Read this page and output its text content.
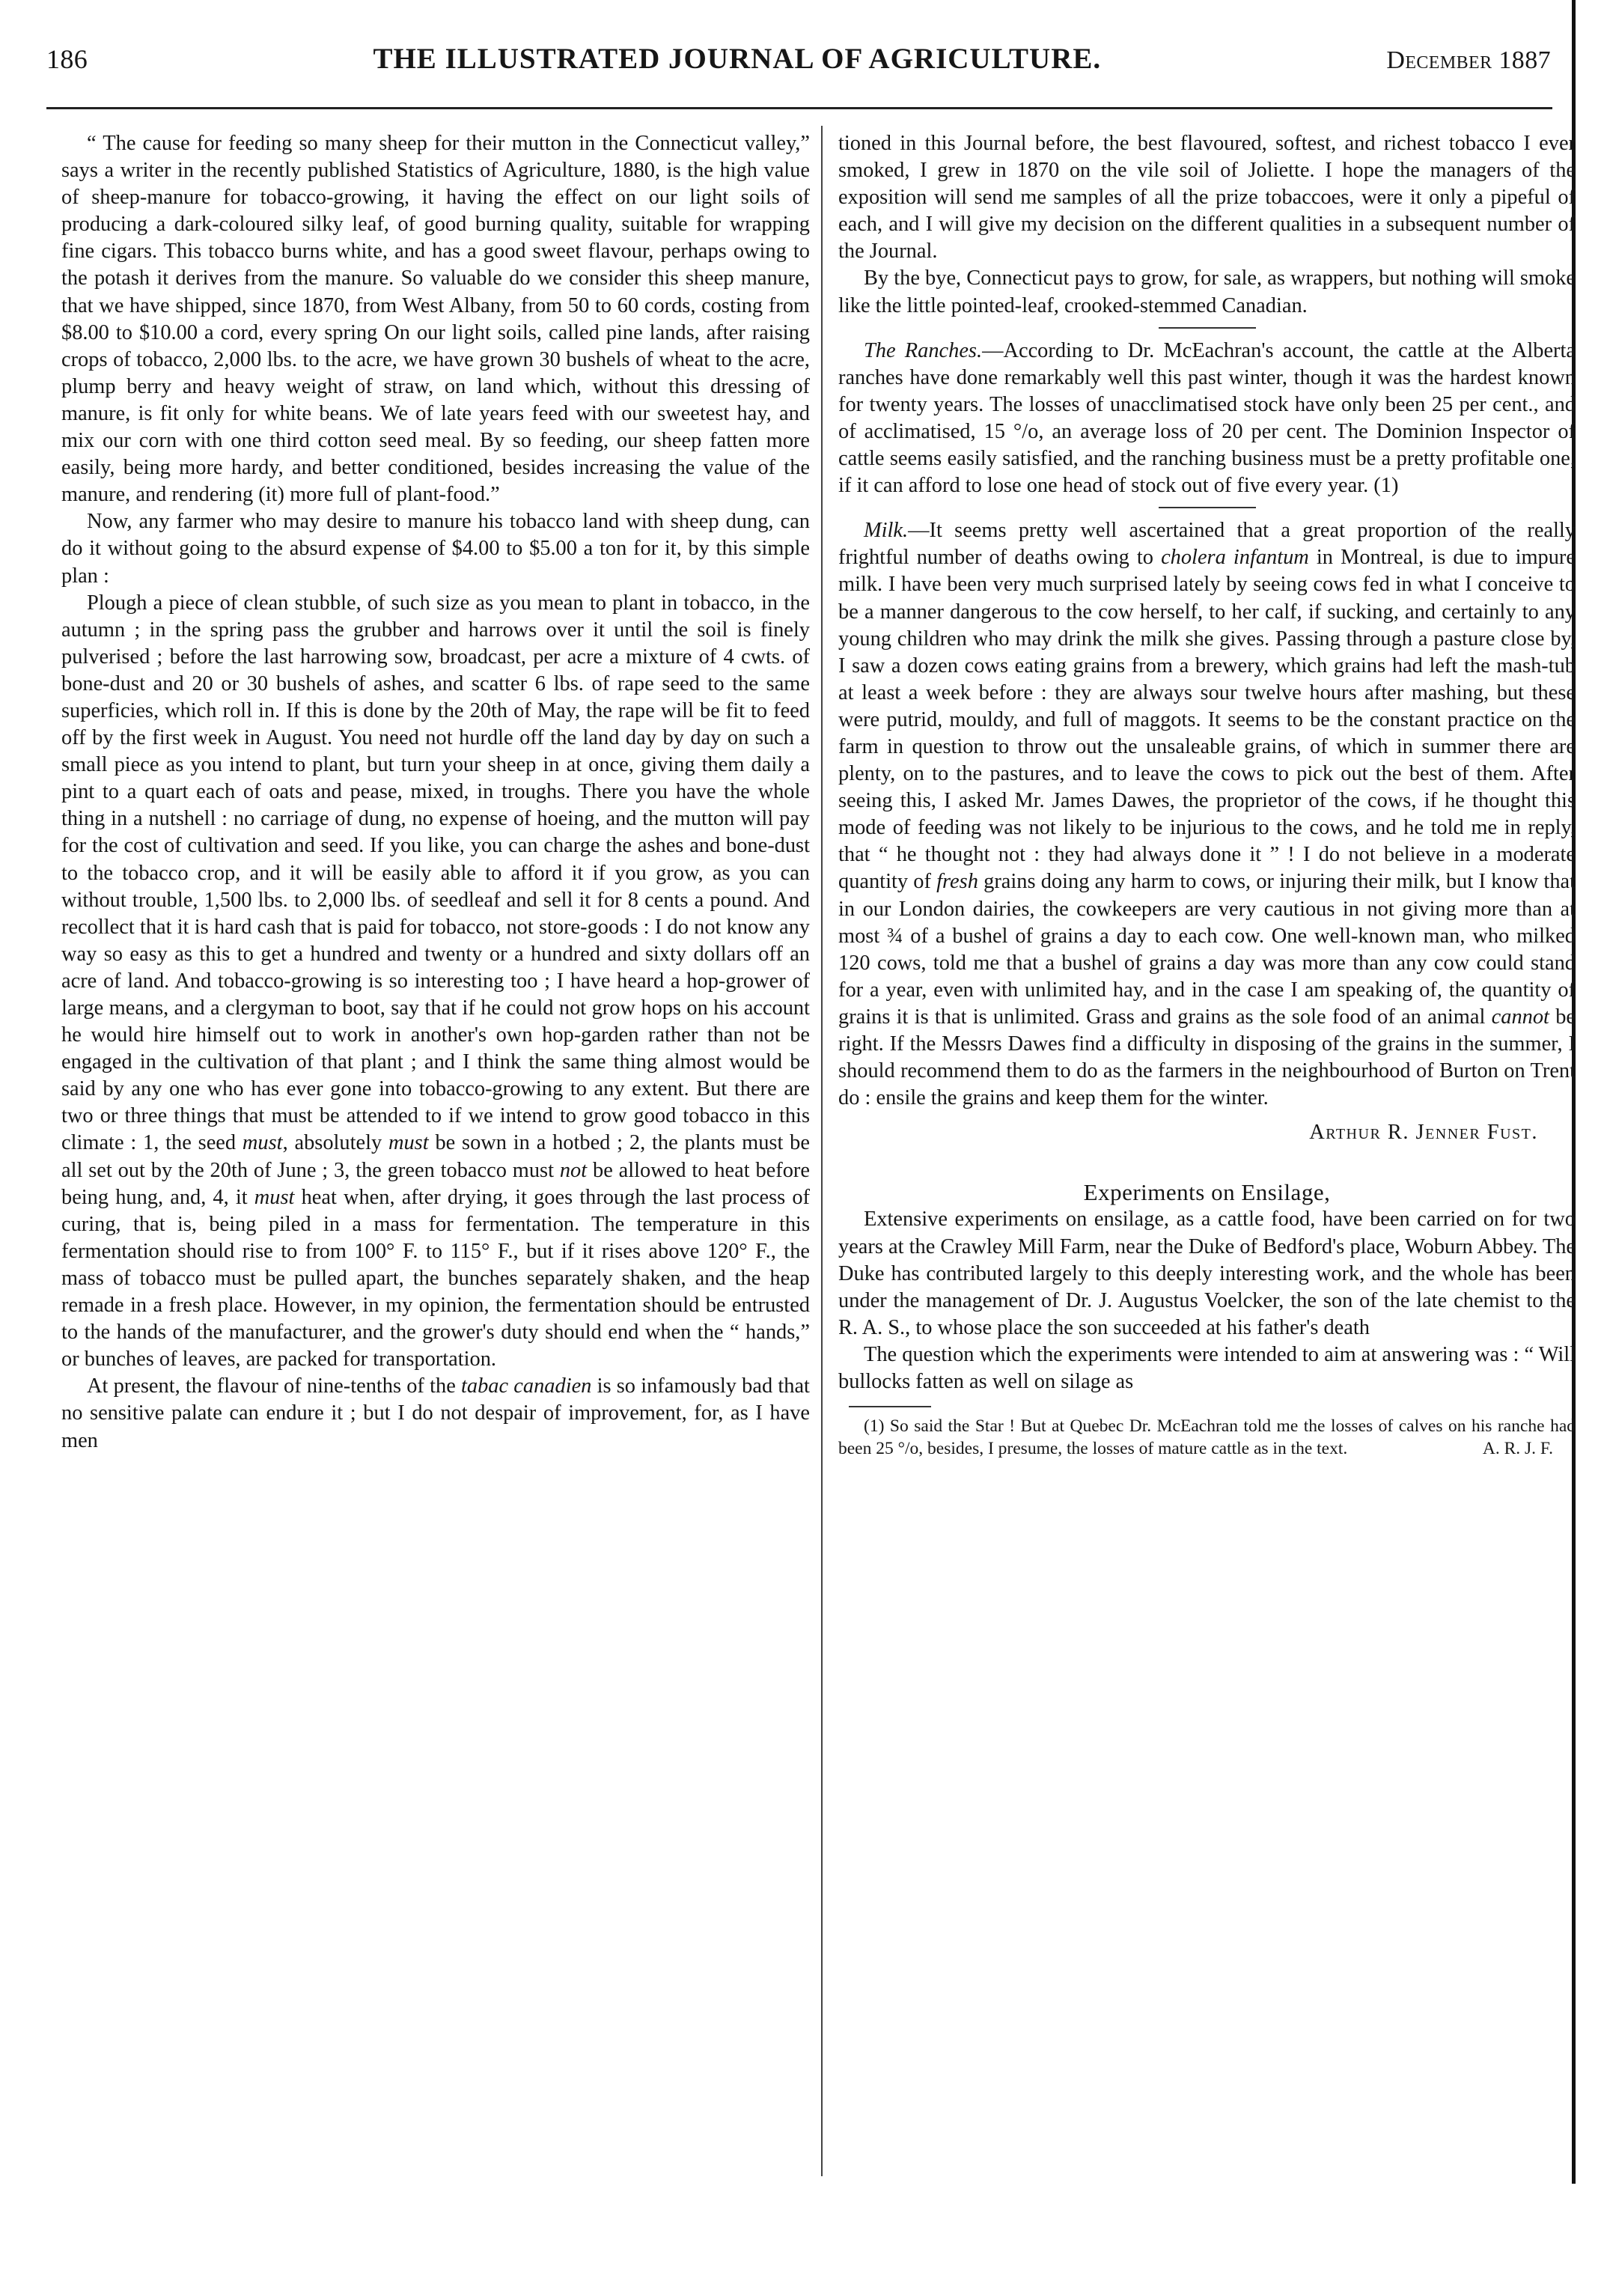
186	THE ILLUSTRATED JOURNAL OF AGRICULTURE.	December 1887

“ The cause for feeding so many sheep for their mutton in the Connecticut valley,” says a writer in the recently published Statistics of Agriculture, 1880, is the high value of sheep-manure for tobacco-growing, it having the effect on our light soils of producing a dark-coloured silky leaf, of good burning quality, suitable for wrapping fine cigars. This tobacco burns white, and has a good sweet flavour, perhaps owing to the potash it derives from the manure. So valuable do we consider this sheep manure, that we have shipped, since 1870, from West Albany, from 50 to 60 cords, costing from $8.00 to $10.00 a cord, every spring On our light soils, called pine lands, after raising crops of tobacco, 2,000 lbs. to the acre, we have grown 30 bushels of wheat to the acre, plump berry and heavy weight of straw, on land which, without this dressing of manure, is fit only for white beans. We of late years feed with our sweetest hay, and mix our corn with one third cotton seed meal. By so feeding, our sheep fatten more easily, being more hardy, and better conditioned, besides increasing the value of the manure, and rendering (it) more full of plant-food.”

Now, any farmer who may desire to manure his tobacco land with sheep dung, can do it without going to the absurd expense of $4.00 to $5.00 a ton for it, by this simple plan :

Plough a piece of clean stubble, of such size as you mean to plant in tobacco, in the autumn ; in the spring pass the grubber and harrows over it until the soil is finely pulverised ; before the last harrowing sow, broadcast, per acre a mixture of 4 cwts. of bone-dust and 20 or 30 bushels of ashes, and scatter 6 lbs. of rape seed to the same superficies, which roll in. If this is done by the 20th of May, the rape will be fit to feed off by the first week in August. You need not hurdle off the land day by day on such a small piece as you intend to plant, but turn your sheep in at once, giving them daily a pint to a quart each of oats and pease, mixed, in troughs. There you have the whole thing in a nutshell : no carriage of dung, no expense of hoeing, and the mutton will pay for the cost of cultivation and seed. If you like, you can charge the ashes and bone-dust to the tobacco crop, and it will be easily able to afford it if you grow, as you can without trouble, 1,500 lbs. to 2,000 lbs. of seedleaf and sell it for 8 cents a pound. And recollect that it is hard cash that is paid for tobacco, not store-goods : I do not know any way so easy as this to get a hundred and twenty or a hundred and sixty dollars off an acre of land. And tobacco-growing is so interesting too ; I have heard a hop-grower of large means, and a clergyman to boot, say that if he could not grow hops on his account he would hire himself out to work in another's own hop-garden rather than not be engaged in the cultivation of that plant ; and I think the same thing almost would be said by any one who has ever gone into tobacco-growing to any extent. But there are two or three things that must be attended to if we intend to grow good tobacco in this climate : 1, the seed must, absolutely must be sown in a hotbed ; 2, the plants must be all set out by the 20th of June ; 3, the green tobacco must not be allowed to heat before being hung, and, 4, it must heat when, after drying, it goes through the last process of curing, that is, being piled in a mass for fermentation. The temperature in this fermentation should rise to from 100° F. to 115° F., but if it rises above 120° F., the mass of tobacco must be pulled apart, the bunches separately shaken, and the heap remade in a fresh place. However, in my opinion, the fermentation should be entrusted to the hands of the manufacturer, and the grower's duty should end when the “ hands,” or bunches of leaves, are packed for transportation.

At present, the flavour of nine-tenths of the tabac canadien is so infamously bad that no sensitive palate can endure it ; but I do not despair of improvement, for, as I have men

tioned in this Journal before, the best flavoured, softest, and richest tobacco I ever smoked, I grew in 1870 on the vile soil of Joliette. I hope the managers of the exposition will send me samples of all the prize tobaccoes, were it only a pipeful of each, and I will give my decision on the different qualities in a subsequent number of the Journal.

By the bye, Connecticut pays to grow, for sale, as wrappers, but nothing will smoke like the little pointed-leaf, crooked-stemmed Canadian.

The Ranches.—According to Dr. McEachran's account, the cattle at the Alberta ranches have done remarkably well this past winter, though it was the hardest known for twenty years. The losses of unacclimatised stock have only been 25 per cent., and of acclimatised, 15 °/o, an average loss of 20 per cent. The Dominion Inspector of cattle seems easily satisfied, and the ranching business must be a pretty profitable one, if it can afford to lose one head of stock out of five every year. (1)

Milk.—It seems pretty well ascertained that a great proportion of the really frightful number of deaths owing to cholera infantum in Montreal, is due to impure milk. I have been very much surprised lately by seeing cows fed in what I conceive to be a manner dangerous to the cow herself, to her calf, if sucking, and certainly to any young children who may drink the milk she gives. Passing through a pasture close by, I saw a dozen cows eating grains from a brewery, which grains had left the mash-tub at least a week before : they are always sour twelve hours after mashing, but these were putrid, mouldy, and full of maggots. It seems to be the constant practice on the farm in question to throw out the unsaleable grains, of which in summer there are plenty, on to the pastures, and to leave the cows to pick out the best of them. After seeing this, I asked Mr. James Dawes, the proprietor of the cows, if he thought this mode of feeding was not likely to be injurious to the cows, and he told me in reply, that “ he thought not : they had always done it ” ! I do not believe in a moderate quantity of fresh grains doing any harm to cows, or injuring their milk, but I know that in our London dairies, the cowkeepers are very cautious in not giving more than at most ¾ of a bushel of grains a day to each cow. One well-known man, who milked 120 cows, told me that a bushel of grains a day was more than any cow could stand for a year, even with unlimited hay, and in the case I am speaking of, the quantity of grains it is that is unlimited. Grass and grains as the sole food of an animal cannot be right. If the Messrs Dawes find a difficulty in disposing of the grains in the summer, I should recommend them to do as the farmers in the neighbourhood of Burton on Trent do : ensile the grains and keep them for the winter.

Arthur R. Jenner Fust.
Experiments on Ensilage,

Extensive experiments on ensilage, as a cattle food, have been carried on for two years at the Crawley Mill Farm, near the Duke of Bedford's place, Woburn Abbey. The Duke has contributed largely to this deeply interesting work, and the whole has been under the management of Dr. J. Augustus Voelcker, the son of the late chemist to the R. A. S., to whose place the son succeeded at his father's death

The question which the experiments were intended to aim at answering was : “ Will bullocks fatten as well on silage as

(1) So said the Star ! But at Quebec Dr. McEachran told me the losses of calves on his ranche had been 25 °/o, besides, I presume, the losses of mature cattle as in the text.	A. R. J. F.
